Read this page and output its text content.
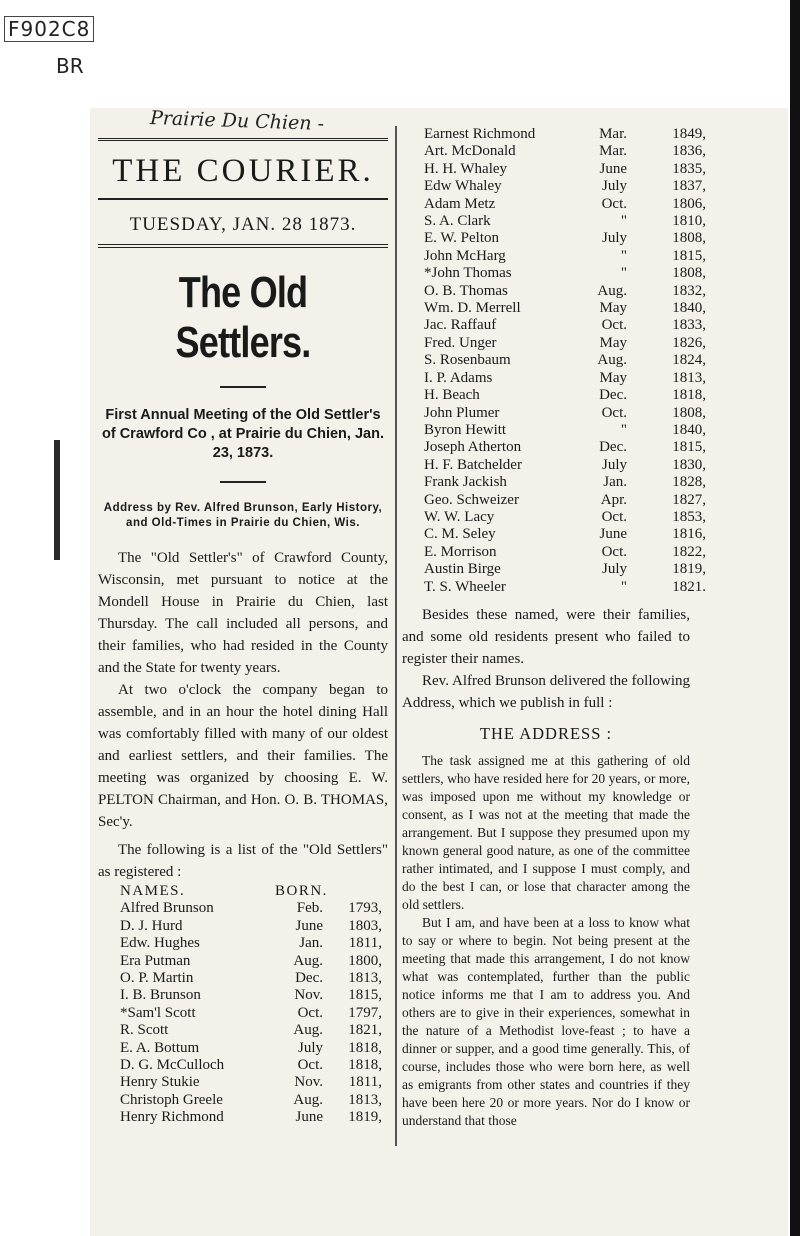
F902C8
BR
Prairie Du Chien -
THE COURIER.
TUESDAY, JAN. 28 1873.
The Old Settlers.
First Annual Meeting of the Old Settler's of Crawford Co , at Prairie du Chien, Jan. 23, 1873.
Address by Rev. Alfred Brunson, Early History, and Old-Times in Prairie du Chien, Wis.

The "Old Settler's" of Crawford County, Wisconsin, met pursuant to notice at the Mondell House in Prairie du Chien, last Thursday. The call included all persons, and their families, who had resided in the County and the State for twenty years.

At two o'clock the company began to assemble, and in an hour the hotel dining Hall was comfortably filled with many of our oldest and earliest settlers, and their families. The meeting was organized by choosing E. W. PELTON Chairman, and Hon. O. B. THOMAS, Sec'y.

The following is a list of the "Old Settlers" as registered :

NAMES.	BORN.	
Alfred Brunson	Feb.	1793,
D. J. Hurd	June	1803,
Edw. Hughes	Jan.	1811,
Era Putman	Aug.	1800,
O. P. Martin	Dec.	1813,
I. B. Brunson	Nov.	1815,
*Sam'l Scott	Oct.	1797,
R. Scott	Aug.	1821,
E. A. Bottum	July	1818,
D. G. McCulloch	Oct.	1818,
Henry Stukie	Nov.	1811,
Christoph Greele	Aug.	1813,
Henry Richmond	June	1819,
Earnest Richmond	Mar.	1849,
Art. McDonald	Mar.	1836,
H. H. Whaley	June	1835,
Edw Whaley	July	1837,
Adam Metz	Oct.	1806,
S. A. Clark	"	1810,
E. W. Pelton	July	1808,
John McHarg	"	1815,
*John Thomas	"	1808,
O. B. Thomas	Aug.	1832,
Wm. D. Merrell	May	1840,
Jac. Raffauf	Oct.	1833,
Fred. Unger	May	1826,
S. Rosenbaum	Aug.	1824,
I. P. Adams	May	1813,
H. Beach	Dec.	1818,
John Plumer	Oct.	1808,
Byron Hewitt	"	1840,
Joseph Atherton	Dec.	1815,
H. F. Batchelder	July	1830,
Frank Jackish	Jan.	1828,
Geo. Schweizer	Apr.	1827,
W. W. Lacy	Oct.	1853,
C. M. Seley	June	1816,
E. Morrison	Oct.	1822,
Austin Birge	July	1819,
T. S. Wheeler	"	1821.

Besides these named, were their families, and some old residents present who failed to register their names.

Rev. Alfred Brunson delivered the following Address, which we publish in full :

THE ADDRESS :

The task assigned me at this gathering of old settlers, who have resided here for 20 years, or more, was imposed upon me without my knowledge or consent, as I was not at the meeting that made the arrangement. But I suppose they presumed upon my known general good nature, as one of the committee rather intimated, and I suppose I must comply, and do the best I can, or lose that character among the old settlers.

But I am, and have been at a loss to know what to say or where to begin. Not being present at the meeting that made this arrangement, I do not know what was contemplated, further than the public notice informs me that I am to address you. And others are to give in their experiences, somewhat in the nature of a Methodist love-feast ; to have a dinner or supper, and a good time generally. This, of course, includes those who were born here, as well as emigrants from other states and countries if they have been here 20 or more years. Nor do I know or understand that those
